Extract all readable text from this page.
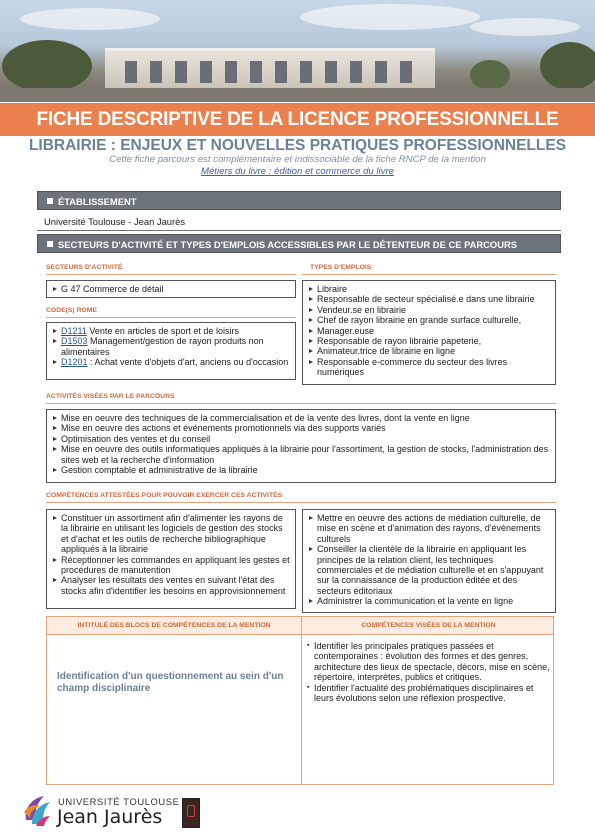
FICHE DESCRIPTIVE DE LA LICENCE PROFESSIONNELLE
LIBRAIRIE : ENJEUX ET NOUVELLES PRATIQUES PROFESSIONNELLES
Cette fiche parcours est complémentaire et indissociable de la fiche RNCP de la mention
Métiers du livre : édition et commerce du livre
ÉTABLISSEMENT
Université Toulouse - Jean Jaurès
SECTEURS D'ACTIVITÉ ET TYPES D'EMPLOIS ACCESSIBLES PAR LE DÉTENTEUR DE CE PARCOURS
SECTEURS D'ACTIVITÉ
G 47 Commerce de détail
CODE(S) ROME
D1211 Vente en articles de sport et de loisirs
D1503 Management/gestion de rayon produits non alimentaires
D1201 : Achat vente d'objets d'art, anciens ou d'occasion
TYPES D'EMPLOIS
Libraire
Responsable de secteur spécialisé.e dans une librairie
Vendeur.se en librairie
Chef de rayon librairie en grande surface culturelle,
Manager.euse
Responsable de rayon librairie papeterie,
Animateur.trice de librairie en ligne
Responsable e-commerce du secteur des livres numériques
ACTIVITÉS VISÉES PAR LE PARCOURS
Mise en oeuvre des techniques de la commercialisation et de la vente des livres, dont la vente en ligne
Mise en oeuvre des actions et événements promotionnels via des supports variés
Optimisation des ventes et du conseil
Mise en oeuvre des outils informatiques appliqués à la librairie pour l'assortiment, la gestion de stocks, l'administration des sites web et la recherche d'information
Gestion comptable et administrative de la librairie
COMPÉTENCES ATTESTÉES POUR POUVOIR EXERCER CES ACTIVITÉS
Constituer un assortiment afin d'alimenter les rayons de la librairie en utilisant les logiciels de gestion des stocks et d'achat et les outils de recherche bibliographique appliqués à la librairie
Réceptionner les commandes en appliquant les gestes et procédures de manutention
Analyser les résultats des ventes en suivant l'état des stocks afin d'identifier les besoins en approvisionnement
Mettre en oeuvre des actions de médiation culturelle, de mise en scène et d'animation des rayons, d'évènements culturels
Conseiller la clientèle de la librairie en appliquant les principes de la relation client, les techniques commerciales et de médiation culturelle et en s'appuyant sur la connaissance de la production éditée et des secteurs éditoriaux
Administrer la communication et la vente en ligne
INTITULÉ DES BLOCS DE COMPÉTENCES DE LA MENTION	COMPÉTENCES VISÉES DE LA MENTION
Identification d'un questionnement au sein d'un champ disciplinaire
▪ Identifier les principales pratiques passées et contemporaines : évolution des formes et des genres, architecture des lieux de spectacle, décors, mise en scène, répertoire, interprètes, publics et critiques.
▪ Identifier l'actualité des problématiques disciplinaires et leurs évolutions selon une réflexion prospective.
UNIVERSITÉ TOULOUSE
Jean Jaurès
